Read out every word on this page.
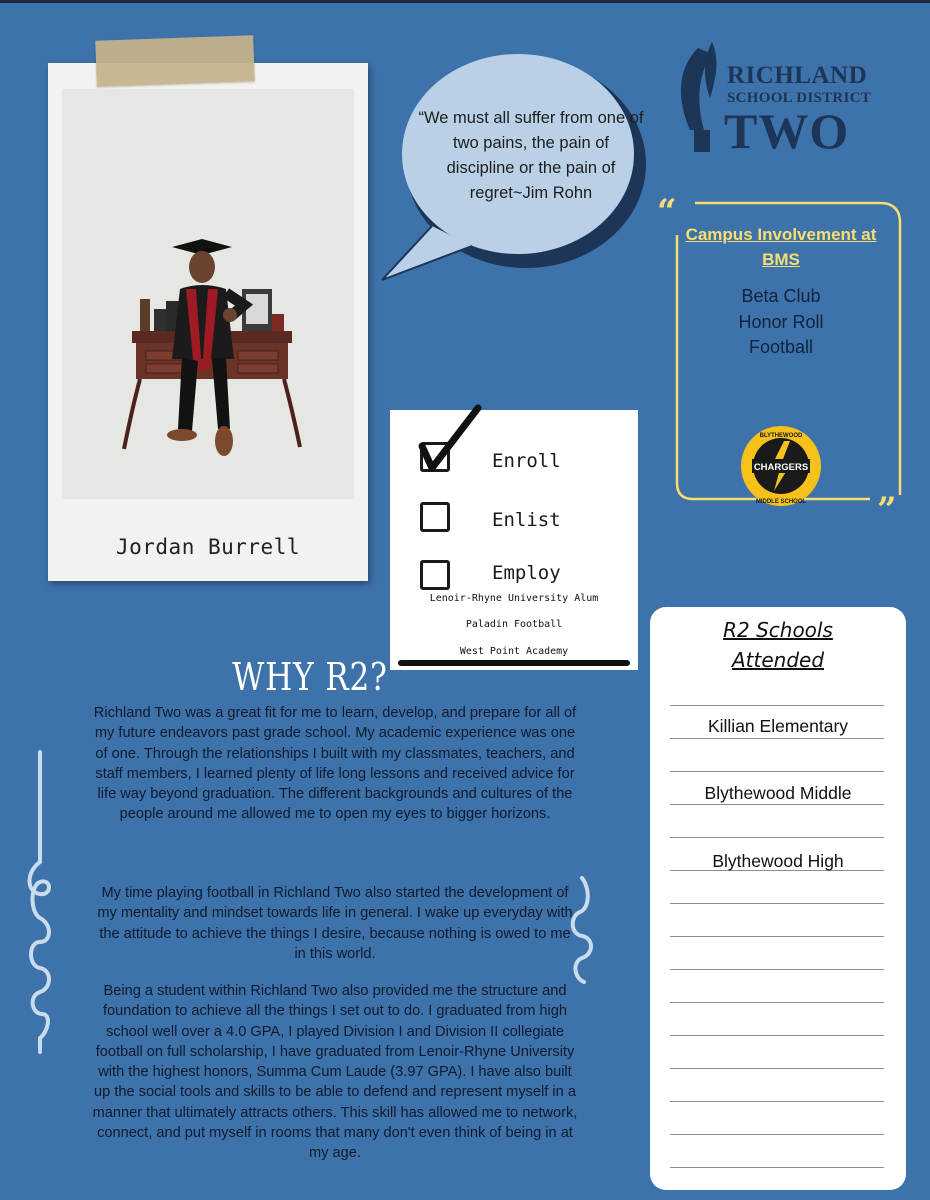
Jordan Burrell
“We must all suffer from one of two pains, the pain of discipline or the pain of regret~Jim Rohn
RICHLAND
SCHOOL DISTRICT
TWO
“
”
Campus Involvement at BMS
Beta Club
Honor Roll
Football
CHARGERS
BLYTHEWOOD
MIDDLE SCHOOL
Enroll
Enlist
Employ
Lenoir-Rhyne University Alum
Paladin Football
West Point Academy
WHY R2?
Richland Two was a great fit for me to learn, develop, and prepare for all of my future endeavors past grade school. My academic experience was one of one. Through the relationships I built with my classmates, teachers, and staff members, I learned plenty of life long lessons and received advice for life way beyond graduation. The different backgrounds and cultures of the people around me allowed me to open my eyes to bigger horizons.
My time playing football in Richland Two also started the development of my mentality and mindset towards life in general. I wake up everyday with the attitude to achieve the things I desire, because nothing is owed to me in this world.
Being a student within Richland Two also provided me the structure and foundation to achieve all the things I set out to do. I graduated from high school well over a 4.0 GPA, I played Division I and Division II collegiate football on full scholarship, I have graduated from Lenoir-Rhyne University with the highest honors, Summa Cum Laude (3.97 GPA). I have also built up the social tools and skills to be able to defend and represent myself in a manner that ultimately attracts others. This skill has allowed me to network, connect, and put myself in rooms that many don't even think of being in at my age.
R2 Schools
Attended
Killian Elementary
Blythewood Middle
Blythewood High
